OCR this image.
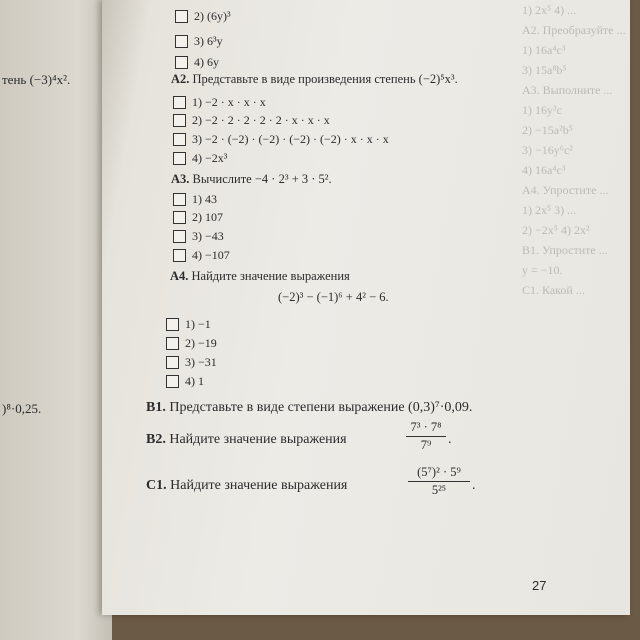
тень (−3)⁴x².
)⁸·0,25.
1) 2x⁵ 4) ...
A2. Преобразуйте ...
1) 16a⁴c³
3) 15a⁸b⁵
A3. Выполните ...
1) 16y³c
2) −15a²b⁵
3) −16y⁶c²
4) 16a⁴c³
A4. Упростите ...
1) 2x⁵ 3) ...
2) −2x⁵ 4) 2x²
B1. Упростите ...
y = −10.
C1. Какой ...
2) (6y)³
3) 6³y
4) 6y
A2. Представьте в виде произведения степень (−2)⁵x³.
1) −2 · x · x · x
2) −2 · 2 · 2 · 2 · 2 · x · x · x
3) −2 · (−2) · (−2) · (−2) · (−2) · x · x · x
4) −2x³
A3. Вычислите −4 · 2³ + 3 · 5².
1) 43
2) 107
3) −43
4) −107
A4. Найдите значение выражения
(−2)³ − (−1)⁶ + 4² − 6.
1) −1
2) −19
3) −31
4) 1
B1. Представьте в виде степени выражение (0,3)⁷·0,09.
B2. Найдите значение выражения
7³ · 7⁸
7⁹	.
C1. Найдите значение выражения
(5⁷)² · 5⁹
5²⁵	.
27
